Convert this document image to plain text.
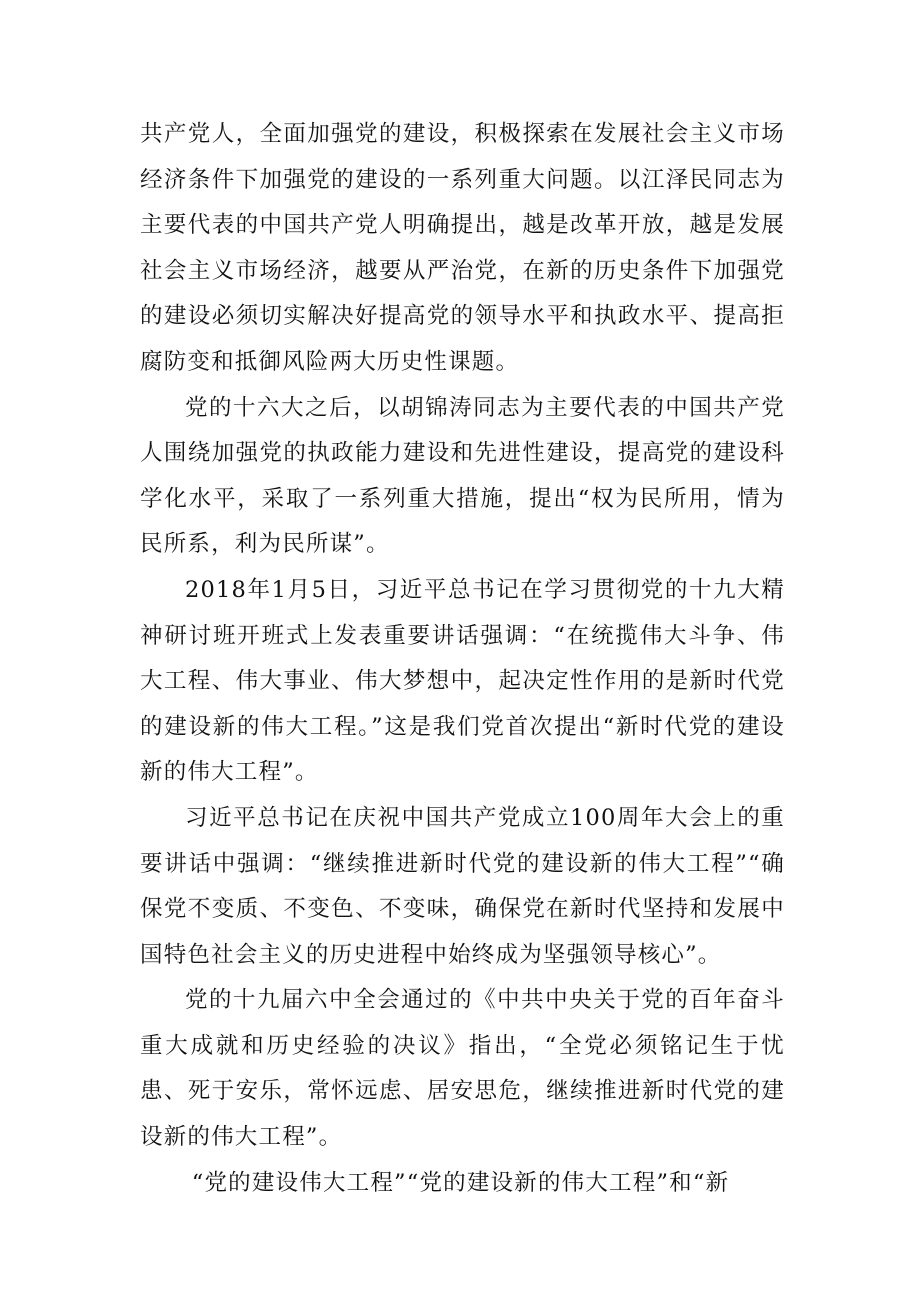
共产党人，全面加强党的建设，积极探索在发展社会主义市场经济条件下加强党的建设的一系列重大问题。以江泽民同志为主要代表的中国共产党人明确提出，越是改革开放，越是发展社会主义市场经济，越要从严治党，在新的历史条件下加强党的建设必须切实解决好提高党的领导水平和执政水平、提高拒腐防变和抵御风险两大历史性课题。

党的十六大之后，以胡锦涛同志为主要代表的中国共产党人围绕加强党的执政能力建设和先进性建设，提高党的建设科学化水平，采取了一系列重大措施，提出“权为民所用，情为民所系，利为民所谋”。

2018年1月5日，习近平总书记在学习贯彻党的十九大精神研讨班开班式上发表重要讲话强调：“在统揽伟大斗争、伟大工程、伟大事业、伟大梦想中，起决定性作用的是新时代党的建设新的伟大工程。”这是我们党首次提出“新时代党的建设新的伟大工程”。

习近平总书记在庆祝中国共产党成立100周年大会上的重要讲话中强调：“继续推进新时代党的建设新的伟大工程”“确保党不变质、不变色、不变味，确保党在新时代坚持和发展中国特色社会主义的历史进程中始终成为坚强领导核心”。

党的十九届六中全会通过的《中共中央关于党的百年奋斗重大成就和历史经验的决议》指出，“全党必须铭记生于忧患、死于安乐，常怀远虑、居安思危，继续推进新时代党的建设新的伟大工程”。

“党的建设伟大工程”“党的建设新的伟大工程”和“新
